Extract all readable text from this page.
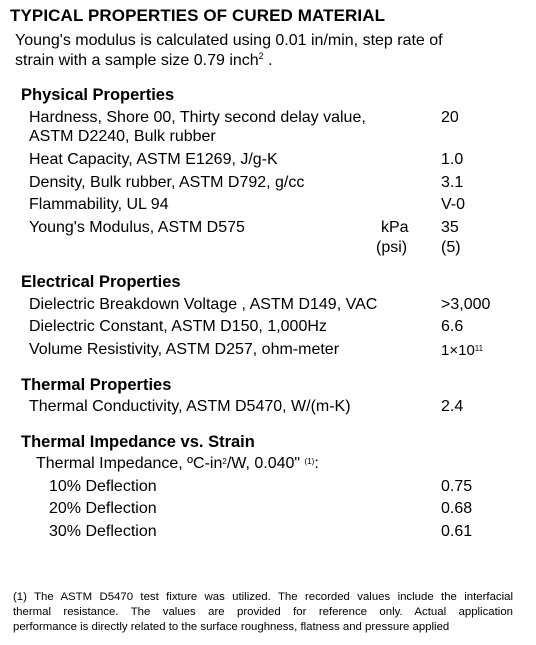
TYPICAL PROPERTIES OF CURED MATERIAL
Young's modulus is calculated using 0.01 in/min, step rate of
strain with a sample size 0.79 inch$^2$ .
Physical Properties
Hardness, Shore 00, Thirty second delay value,	20
ASTM D2240, Bulk rubber
Heat Capacity, ASTM E1269, J/g-K	1.0
Density, Bulk rubber, ASTM D792, g/cc	3.1
Flammability, UL 94	V-0
Young's Modulus, ASTM D575	kPa 35
(psi) (5)
Electrical Properties
Dielectric Breakdown Voltage , ASTM D149, VAC	>3,000
Dielectric Constant, ASTM D150, 1,000Hz	6.6
Volume Resistivity, ASTM D257, ohm-meter	1×10$^{11}$
Thermal Properties
Thermal Conductivity, ASTM D5470, W/(m-K)	2.4
Thermal Impedance vs. Strain
Thermal Impedance, ºC-in$^2$/W, 0.040" $^{(1)}$:
10% Deflection	0.75
20% Deflection	0.68
30% Deflection	0.61
(1) The ASTM D5470 test fixture was utilized. The recorded values include the interfacial
thermal resistance. The values are provided for reference only. Actual application
performance is directly related to the surface roughness, flatness and pressure applied
